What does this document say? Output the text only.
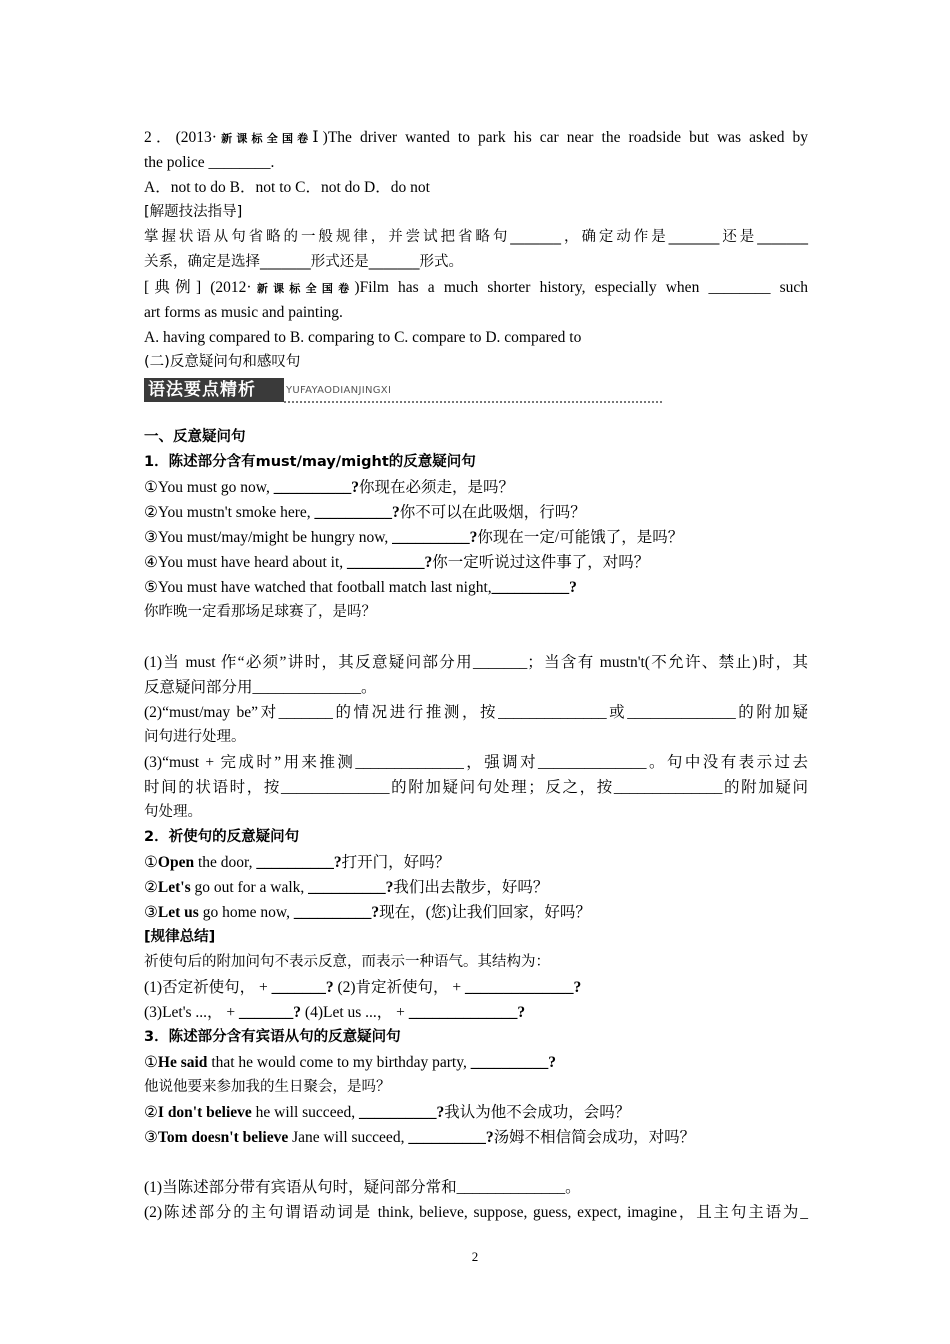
2．(2013·新课标全国卷Ⅰ)The driver wanted to park his car near the roadside but was asked by
the police ________.
A．not to do B．not to C．not do D．do not
[解题技法指导]
掌握状语从句省略的一般规律，并尝试把省略句_______，确定动作是_______还是_______
关系，确定是选择_______形式还是_______形式。
[典例] (2012·新课标全国卷)Film has a much shorter history, especially when ________ such
art forms as music and painting.
A. having compared to B. comparing to C. compare to D. compared to
(二)反意疑问句和感叹句
一、反意疑问句
1．陈述部分含有must/may/might的反意疑问句
①You must go now, __________?你现在必须走，是吗？
②You mustn't smoke here, __________?你不可以在此吸烟，行吗？
③You must/may/might be hungry now, __________?你现在一定/可能饿了，是吗？
④You must have heard about it, __________?你一定听说过这件事了，对吗？
⑤You must have watched that football match last night,__________?
你昨晚一定看那场足球赛了，是吗？
(1)当 must 作“必须”讲时，其反意疑问部分用_______；当含有 mustn't(不允许、禁止)时，其
反意疑问部分用______________。
(2)“must/may be”对_______的情况进行推测，按______________或______________的附加疑
问句进行处理。
(3)“must + 完成时”用来推测______________，强调对______________。句中没有表示过去
时间的状语时，按______________的附加疑问句处理；反之，按______________的附加疑问
句处理。
2．祈使句的反意疑问句
①Open the door, __________?打开门，好吗？
②Let's go out for a walk, __________?我们出去散步，好吗？
③Let us go home now, __________?现在，(您)让我们回家，好吗？
[规律总结]
祈使句后的附加问句不表示反意，而表示一种语气。其结构为：
(1)否定祈使句， + _______? (2)肯定祈使句， + ______________?
(3)Let's ...， + _______? (4)Let us ...， + ______________?
3．陈述部分含有宾语从句的反意疑问句
①He said that he would come to my birthday party, __________?
他说他要来参加我的生日聚会，是吗？
②I don't believe he will succeed, __________?我认为他不会成功，会吗？
③Tom doesn't believe Jane will succeed, __________?汤姆不相信简会成功，对吗？
(1)当陈述部分带有宾语从句时，疑问部分常和______________。
(2)陈述部分的主句谓语动词是 think, believe, suppose, guess, expect, imagine，且主句主语为_
语法要点精析	YUFAYAODIANJINGXI
2
